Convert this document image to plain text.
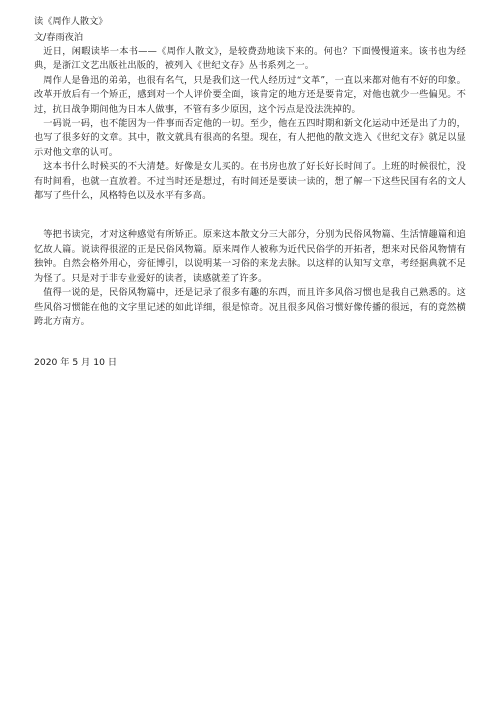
读《周作人散文》

文/春雨夜泊

近日，闲暇读毕一本书——《周作人散文》，是较费劲地读下来的。何也？下面慢慢道来。该书也为经典，是浙江文艺出版社出版的，被列入《世纪文存》丛书系列之一。

周作人是鲁迅的弟弟，也很有名气，只是我们这一代人经历过“文革”，一直以来都对他有不好的印象。改革开放后有一个矫正，感到对一个人评价要全面，该肯定的地方还是要肯定，对他也就少一些偏见。不过，抗日战争期间他为日本人做事，不管有多少原因，这个污点是没法洗掉的。

一码说一码，也不能因为一件事而否定他的一切。至少，他在五四时期和新文化运动中还是出了力的，也写了很多好的文章。其中，散文就具有很高的名望。现在，有人把他的散文选入《世纪文存》就足以显示对他文章的认可。

这本书什么时候买的不大清楚。好像是女儿买的。在书房也放了好长好长时间了。上班的时候很忙，没有时间看，也就一直放着。不过当时还是想过，有时间还是要读一读的，想了解一下这些民国有名的文人都写了些什么，风格特色以及水平有多高。

等把书读完，才对这种感觉有所矫正。原来这本散文分三大部分，分别为民俗风物篇、生活情趣篇和追忆故人篇。说读得很涩的正是民俗风物篇。原来周作人被称为近代民俗学的开拓者，想来对民俗风物情有独钟。自然会格外用心，旁征博引，以说明某一习俗的来龙去脉。以这样的认知写文章，考经据典就不足为怪了。只是对于非专业爱好的读者，读感就差了许多。

值得一说的是，民俗风物篇中，还是记录了很多有趣的东西，而且许多风俗习惯也是我自己熟悉的。这些风俗习惯能在他的文字里记述的如此详细，很是惊奇。况且很多风俗习惯好像传播的很远，有的竟然横跨北方南方。

2020 年 5 月 10 日
